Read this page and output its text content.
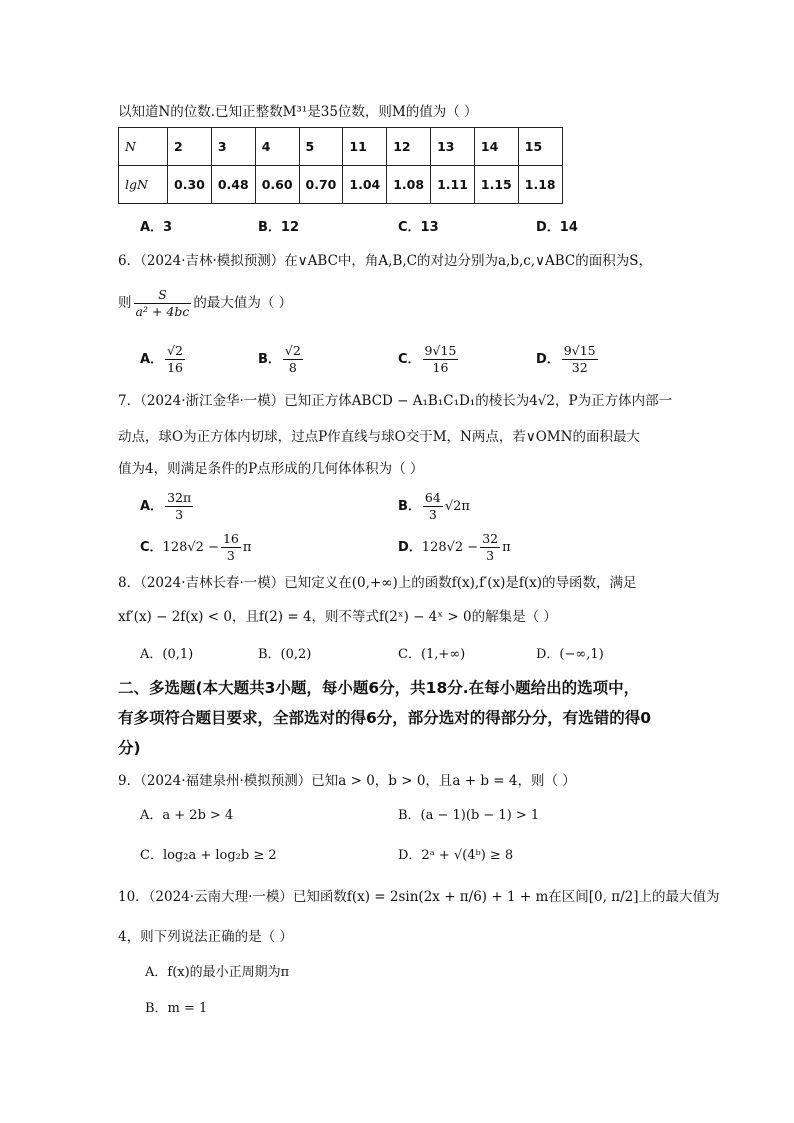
以知道N的位数.已知正整数M³¹是35位数，则M的值为（ ）
N	2	3	4	5	11	12	13	14	15
lgN	0.30	0.48	0.60	0.70	1.04	1.08	1.11	1.15	1.18
A．3	B．12	C．13	D．14
6．（2024·吉林·模拟预测）在∨ABC中，角A,B,C的对边分别为a,b,c,∨ABC的面积为S，
则 $\frac{S}{\text{a² + 4bc}}$ 的最大值为（ ）
A． $\frac{√2}{16}$	B． $\frac{√2}{8}$	C． $\frac{9√15}{16}$	D． $\frac{9√15}{32}$
7．（2024·浙江金华·一模）已知正方体ABCD − A₁B₁C₁D₁的棱长为4√2，P为正方体内部一
动点，球O为正方体内切球，过点P作直线与球O交于M，N两点，若∨OMN的面积最大
值为4，则满足条件的P点形成的几何体体积为（ ）
A． $\frac{32\pi}{3}$	B． $\frac{64}{3} √2\pi$
C．$128√2 - \frac{16}{3}$ π	D．$128√2 - \frac{32}{3}$ π
8．（2024·吉林长春·一模）已知定义在(0,+∞)上的函数f(x),f′(x)是f(x)的导函数，满足
xf′(x) − 2f(x) < 0，且f(2) = 4，则不等式f(2ˣ) − 4ˣ > 0的解集是（ ）
A．(0,1)	B．(0,2)	C．(1,+∞)	D．(−∞,1)
二、多选题(本大题共3小题，每小题6分，共18分.在每小题给出的选项中，
有多项符合题目要求，全部选对的得6分，部分选对的得部分分，有选错的得0
分)
9．（2024·福建泉州·模拟预测）已知a > 0，b > 0，且a + b = 4，则（ ）
A．a + 2b > 4	B．(a − 1)(b − 1) > 1
C．log₂a + log₂b ≥ 2	D．2ᵃ + √(4ᵇ) ≥ 8
10．（2024·云南大理·一模）已知函数f(x) = 2sin(2x + π/6) + 1 + m在区间[0, π/2]上的最大值为
4，则下列说法正确的是（ ）
A．f(x)的最小正周期为π
B．m = 1
